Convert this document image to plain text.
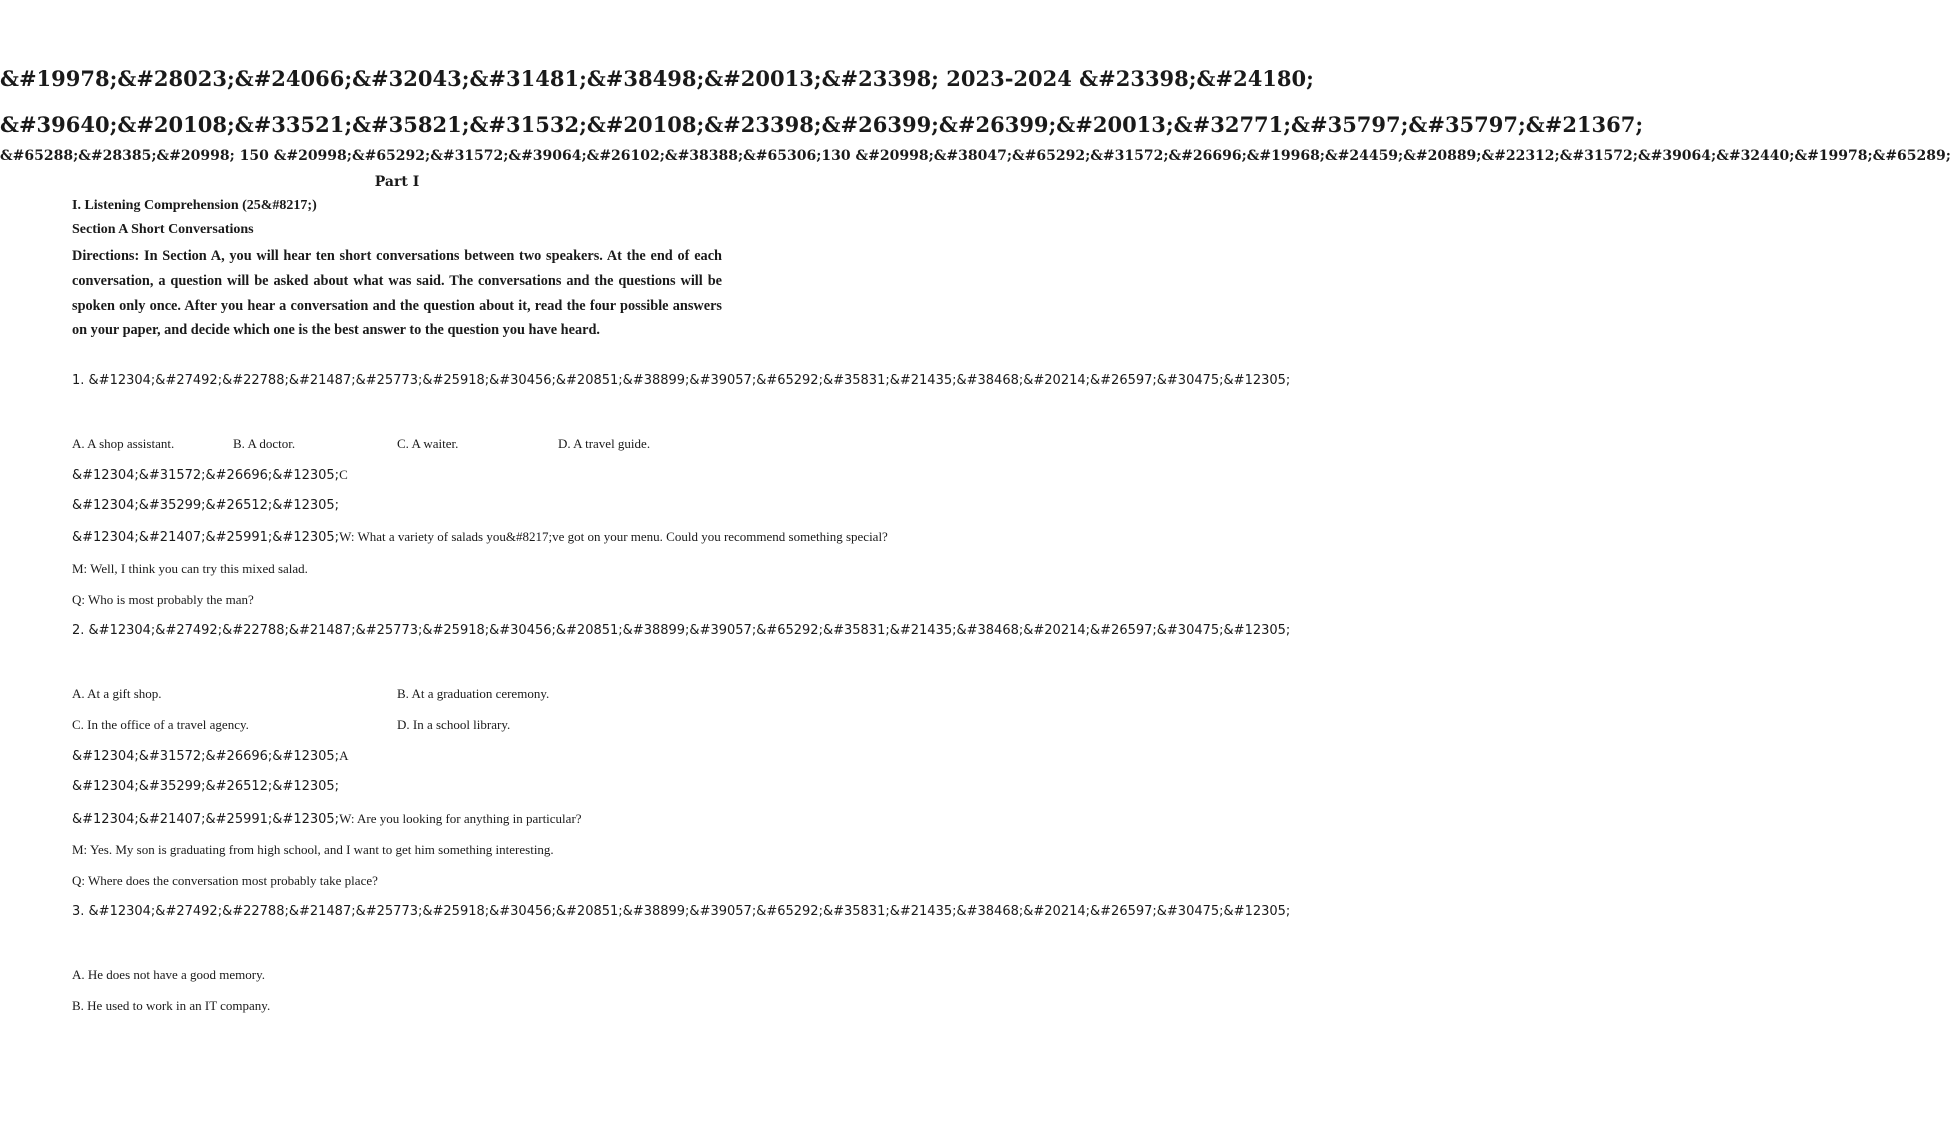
&#19978;&#28023;&#24066;&#32043;&#31481;&#38498;&#20013;&#23398; 2023-2024 &#23398;&#24180;
&#39640;&#20108;&#33521;&#35821;&#31532;&#20108;&#23398;&#26399;&#26399;&#20013;&#32771;&#35797;&#35797;&#21367;
&#65288;&#28385;&#20998; 150 &#20998;&#65292;&#31572;&#39064;&#26102;&#38388;&#65306;130 &#20998;&#38047;&#65292;&#31572;&#26696;&#19968;&#24459;&#20889;&#22312;&#31572;&#39064;&#32440;&#19978;&#65289;
Part I
I. Listening Comprehension (25&#8217;)
Section A Short Conversations
Directions: In Section A, you will hear ten short conversations between two speakers. At the end of each conversation, a question will be asked about what was said. The conversations and the questions will be spoken only once. After you hear a conversation and the question about it, read the four possible answers on your paper, and decide which one is the best answer to the question you have heard.
1. &#12304;&#27492;&#22788;&#21487;&#25773;&#25918;&#30456;&#20851;&#38899;&#39057;&#65292;&#35831;&#21435;&#38468;&#20214;&#26597;&#30475;&#12305;
A. A shop assistant.	B. A doctor.	C. A waiter.	D. A travel guide.
&#12304;&#31572;&#26696;&#12305;C
&#12304;&#35299;&#26512;&#12305;
&#12304;&#21407;&#25991;&#12305;W: What a variety of salads you&#8217;ve got on your menu. Could you recommend something special?
M: Well, I think you can try this mixed salad.
Q: Who is most probably the man?
2. &#12304;&#27492;&#22788;&#21487;&#25773;&#25918;&#30456;&#20851;&#38899;&#39057;&#65292;&#35831;&#21435;&#38468;&#20214;&#26597;&#30475;&#12305;
A. At a gift shop.	B. At a graduation ceremony.
C. In the office of a travel agency.	D. In a school library.
&#12304;&#31572;&#26696;&#12305;A
&#12304;&#35299;&#26512;&#12305;
&#12304;&#21407;&#25991;&#12305;W: Are you looking for anything in particular?
M: Yes. My son is graduating from high school, and I want to get him something interesting.
Q: Where does the conversation most probably take place?
3. &#12304;&#27492;&#22788;&#21487;&#25773;&#25918;&#30456;&#20851;&#38899;&#39057;&#65292;&#35831;&#21435;&#38468;&#20214;&#26597;&#30475;&#12305;
A. He does not have a good memory.
B. He used to work in an IT company.
